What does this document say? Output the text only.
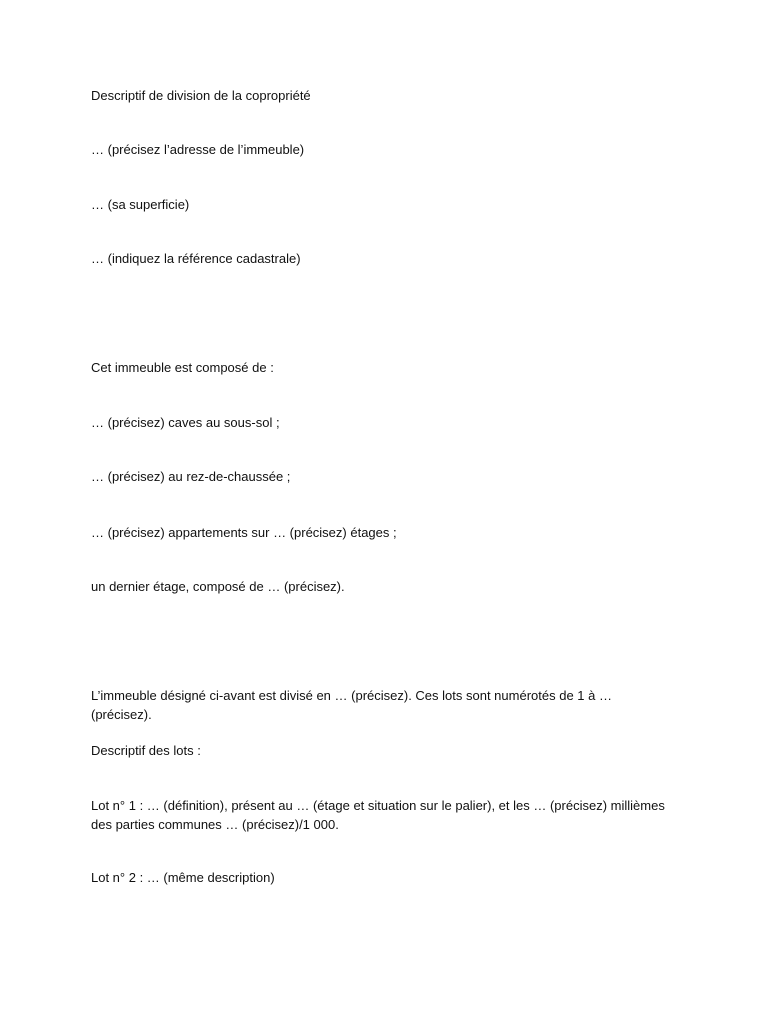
Descriptif de division de la copropriété
… (précisez l’adresse de l’immeuble)
… (sa superficie)
… (indiquez la référence cadastrale)
Cet immeuble est composé de :
… (précisez) caves au sous-sol ;
… (précisez) au rez-de-chaussée ;
… (précisez) appartements sur … (précisez) étages ;
un dernier étage, composé de … (précisez).
L’immeuble désigné ci-avant est divisé en … (précisez). Ces lots sont numérotés de 1 à … (précisez).
Descriptif des lots :
Lot n° 1 : … (définition), présent au … (étage et situation sur le palier), et les … (précisez) millièmes des parties communes … (précisez)/1 000.
Lot n° 2 : … (même description)
